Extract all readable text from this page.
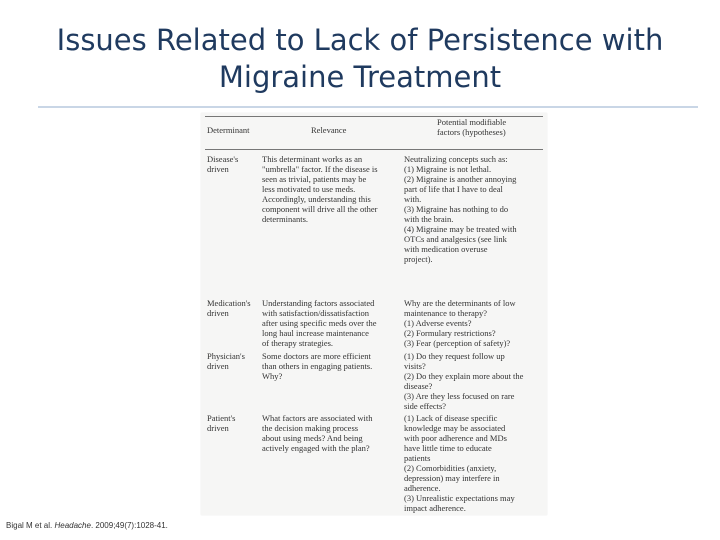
Issues Related to Lack of Persistence with
Migraine Treatment
Determinant	Relevance
Potential modifiable
factors (hypotheses)
Disease's
driven
This determinant works as an
"umbrella" factor. If the disease is
seen as trivial, patients may be
less motivated to use meds.
Accordingly, understanding this
component will drive all the other
determinants.
Neutralizing concepts such as:
(1) Migraine is not lethal.
(2) Migraine is another annoying
part of life that I have to deal
with.
(3) Migraine has nothing to do
with the brain.
(4) Migraine may be treated with
OTCs and analgesics (see link
with medication overuse
project).
Medication's
driven
Understanding factors associated
with satisfaction/dissatisfaction
after using specific meds over the
long haul increase maintenance
of therapy strategies.
Why are the determinants of low
maintenance to therapy?
(1) Adverse events?
(2) Formulary restrictions?
(3) Fear (perception of safety)?
Physician's
driven
Some doctors are more efficient
than others in engaging patients.
Why?
(1) Do they request follow up
visits?
(2) Do they explain more about the
disease?
(3) Are they less focused on rare
side effects?
Patient's
driven
What factors are associated with
the decision making process
about using meds? And being
actively engaged with the plan?
(1) Lack of disease specific
knowledge may be associated
with poor adherence and MDs
have little time to educate
patients
(2) Comorbidities (anxiety,
depression) may interfere in
adherence.
(3) Unrealistic expectations may
impact adherence.
Bigal M et al. Headache. 2009;49(7):1028-41.
